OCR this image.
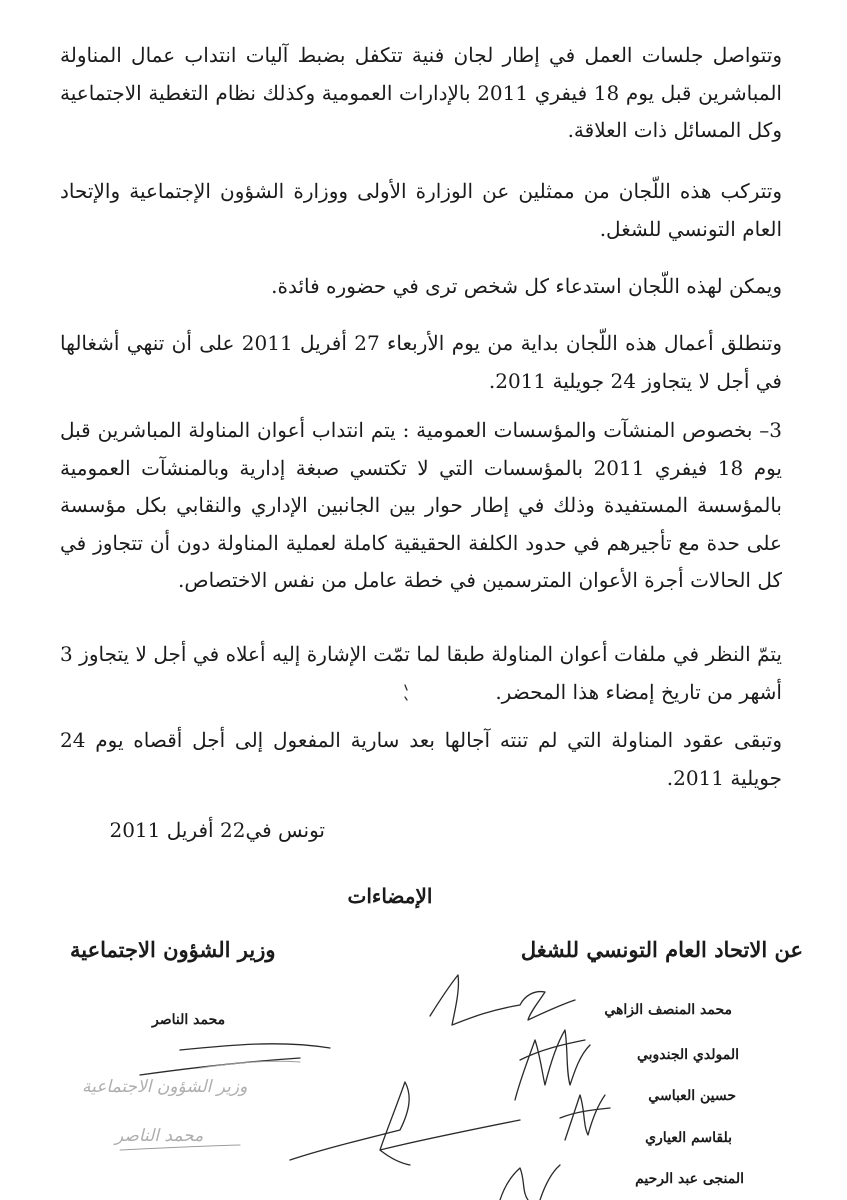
وتتواصل جلسات العمل في إطار لجان فنية تتكفل بضبط آليات انتداب عمال المناولة المباشرين قبل يوم 18 فيفري 2011 بالإدارات العمومية وكذلك نظام التغطية الاجتماعية وكل المسائل ذات العلاقة.

وتتركب هذه اللّجان من ممثلين عن الوزارة الأولى ووزارة الشؤون الإجتماعية والإتحاد العام التونسي للشغل.

ويمكن لهذه اللّجان استدعاء كل شخص ترى في حضوره فائدة.

وتنطلق أعمال هذه اللّجان بداية من يوم الأربعاء 27 أفريل 2011 على أن تنهي أشغالها في أجل لا يتجاوز 24 جويلية 2011.

3– بخصوص المنشآت والمؤسسات العمومية : يتم انتداب أعوان المناولة المباشرين قبل يوم 18 فيفري 2011 بالمؤسسات التي لا تكتسي صبغة إدارية وبالمنشآت العمومية بالمؤسسة المستفيدة وذلك في إطار حوار بين الجانبين الإداري والنقابي بكل مؤسسة على حدة مع تأجيرهم في حدود الكلفة الحقيقية كاملة لعملية المناولة دون أن تتجاوز في كل الحالات أجرة الأعوان المترسمين في خطة عامل من نفس الاختصاص.

يتمّ النظر في ملفات أعوان المناولة طبقا لما تمّت الإشارة إليه أعلاه في أجل لا يتجاوز 3 أشهر من تاريخ إمضاء هذا المحضر.

وتبقى عقود المناولة التي لم تنته آجالها بعد سارية المفعول إلى أجل أقصاه يوم 24 جويلية 2011.

تونس في22 أفريل 2011

الإمضاءات

عن الاتحاد العام التونسي للشغل

وزير الشؤون الاجتماعية

محمد المنصف الزاهي

المولدي الجندوبي

حسين العباسي

بلقاسم العياري

المنجى عبد الرحيم

محمد الناصر

وزير الشؤون الاجتماعية

محمد الناصر
